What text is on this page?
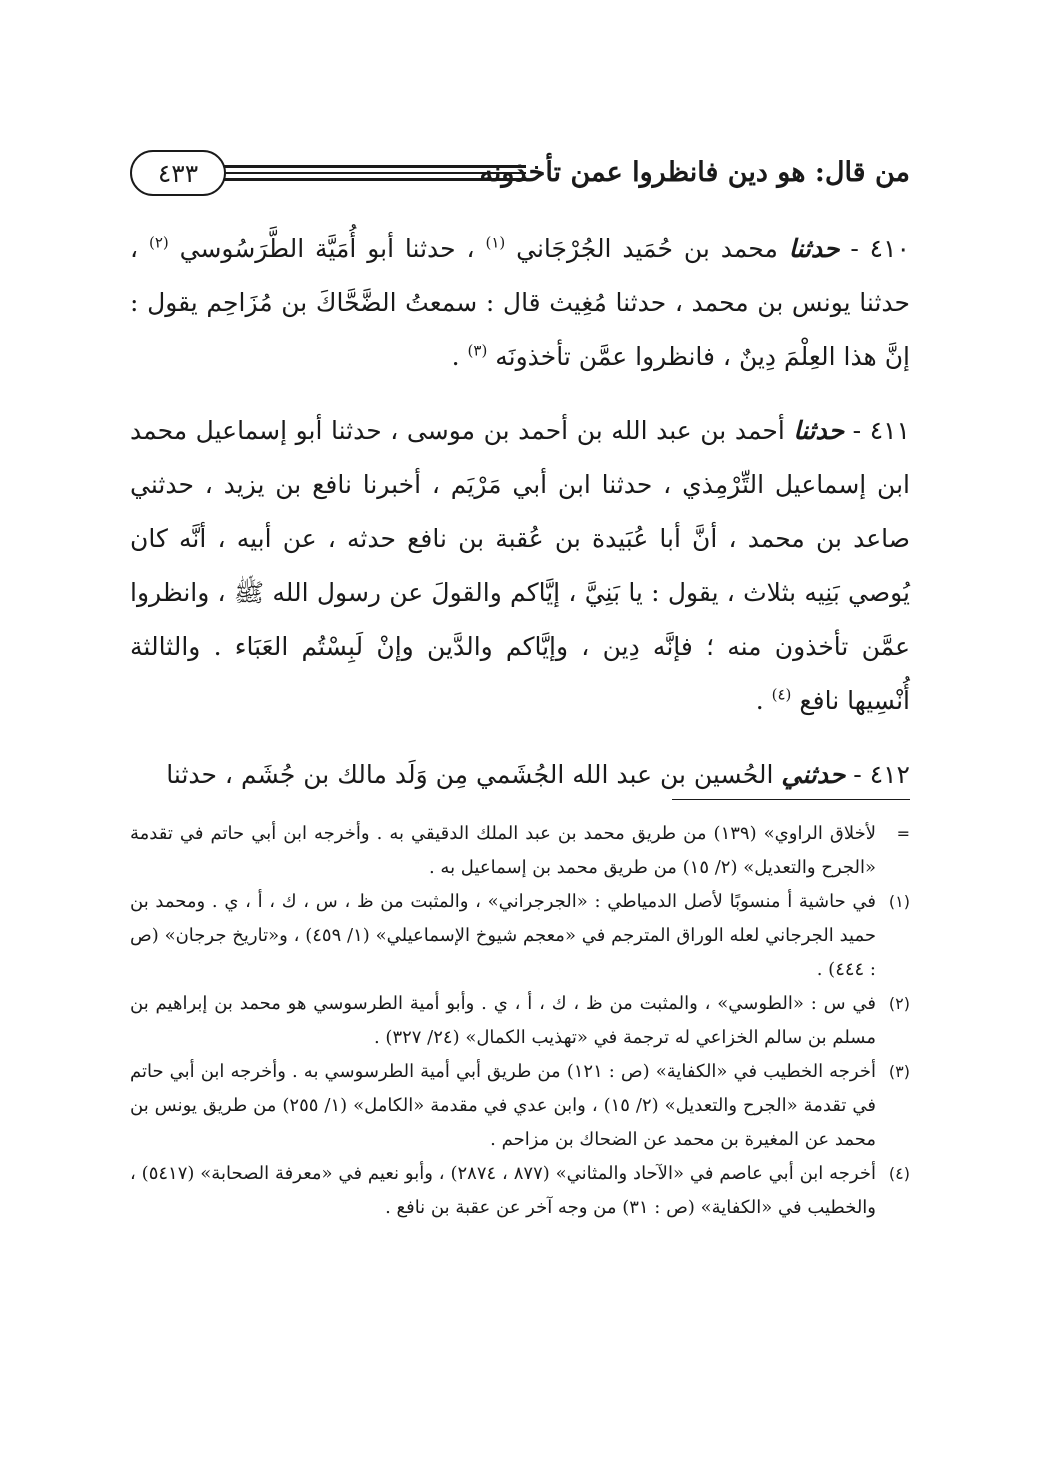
٤٣٣	من قال: هو دين فانظروا عمن تأخذونه

٤١٠ - حدثنا محمد بن حُمَيد الجُرْجَاني $^{(١)}$ ، حدثنا أبو أُمَيَّة الطَّرَسُوسي $^{(٢)}$ ، حدثنا يونس بن محمد ، حدثنا مُغِيث قال : سمعتُ الضَّحَّاكَ بن مُزَاحِم يقول : إنَّ هذا العِلْمَ دِينٌ ، فانظروا عمَّن تأخذونَه $^{(٣)}$ .

٤١١ - حدثنا أحمد بن عبد الله بن أحمد بن موسى ، حدثنا أبو إسماعيل محمد ابن إسماعيل التِّرْمِذي ، حدثنا ابن أبي مَرْيَم ، أخبرنا نافع بن يزيد ، حدثني صاعد بن محمد ، أنَّ أبا عُبَيدة بن عُقبة بن نافع حدثه ، عن أبيه ، أنَّه كان يُوصي بَنِيه بثلاث ، يقول : يا بَنِيَّ ، إيَّاكم والقولَ عن رسول الله ﷺ ، وانظروا عمَّن تأخذون منه ؛ فإنَّه دِين ، وإيَّاكم والدَّين وإنْ لَبِسْتُم العَبَاء . والثالثة أُنْسِيها نافع $^{(٤)}$ .

٤١٢ - حدثني الحُسين بن عبد الله الجُشَمي مِن وَلَد مالك بن جُشَم ، حدثنا

=
لأخلاق الراوي» (١٣٩) من طريق محمد بن عبد الملك الدقيقي به . وأخرجه ابن أبي حاتم في تقدمة «الجرح والتعديل» (٢/ ١٥) من طريق محمد بن إسماعيل به .

(١)
في حاشية أ منسوبًا لأصل الدمياطي : «الجرجراني» ، والمثبت من ظ ، س ، ك ، أ ، ي . ومحمد بن حميد الجرجاني لعله الوراق المترجم في «معجم شيوخ الإسماعيلي» (١/ ٤٥٩) ، و«تاريخ جرجان» (ص : ٤٤٤) .

(٢)
في س : «الطوسي» ، والمثبت من ظ ، ك ، أ ، ي . وأبو أمية الطرسوسي هو محمد بن إبراهيم بن مسلم بن سالم الخزاعي له ترجمة في «تهذيب الكمال» (٢٤/ ٣٢٧) .

(٣)
أخرجه الخطيب في «الكفاية» (ص : ١٢١) من طريق أبي أمية الطرسوسي به . وأخرجه ابن أبي حاتم في تقدمة «الجرح والتعديل» (٢/ ١٥) ، وابن عدي في مقدمة «الكامل» (١/ ٢٥٥) من طريق يونس بن محمد عن المغيرة بن محمد عن الضحاك بن مزاحم .

(٤)
أخرجه ابن أبي عاصم في «الآحاد والمثاني» (٨٧٧ ، ٢٨٧٤) ، وأبو نعيم في «معرفة الصحابة» (٥٤١٧) ، والخطيب في «الكفاية» (ص : ٣١) من وجه آخر عن عقبة بن نافع .
